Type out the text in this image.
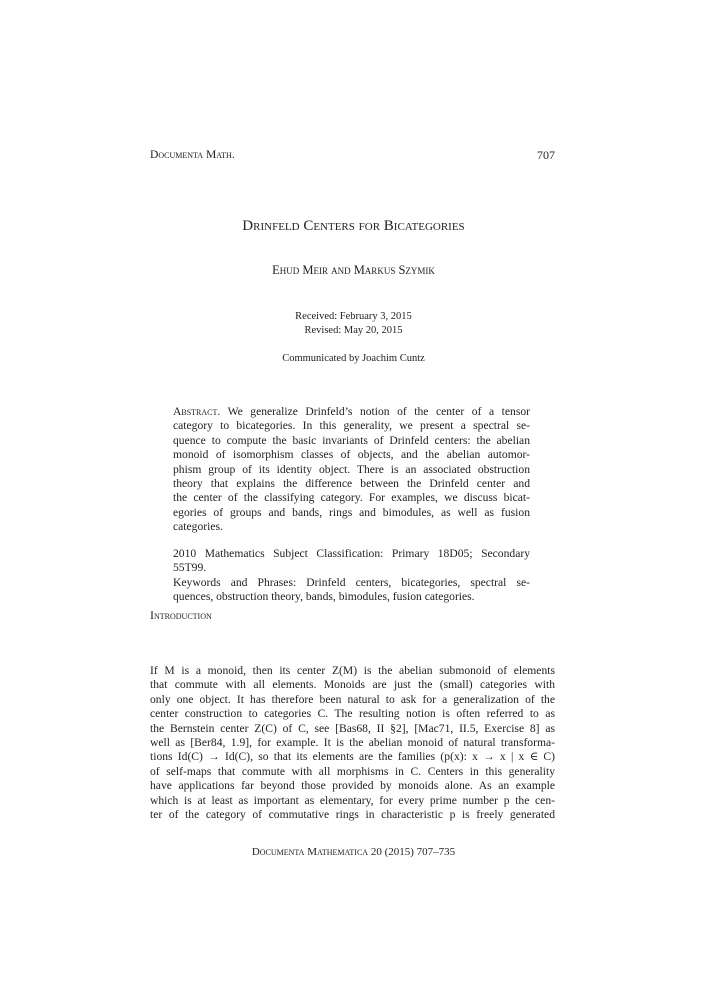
Documenta Math.	707
Drinfeld Centers for Bicategories
Ehud Meir and Markus Szymik
Received: February 3, 2015
Revised: May 20, 2015
Communicated by Joachim Cuntz
Abstract. We generalize Drinfeld’s notion of the center of a tensor
category to bicategories. In this generality, we present a spectral se-
quence to compute the basic invariants of Drinfeld centers: the abelian
monoid of isomorphism classes of objects, and the abelian automor-
phism group of its identity object. There is an associated obstruction
theory that explains the difference between the Drinfeld center and
the center of the classifying category. For examples, we discuss bicat-
egories of groups and bands, rings and bimodules, as well as fusion
categories.
2010 Mathematics Subject Classification: Primary 18D05; Secondary
55T99.
Keywords and Phrases: Drinfeld centers, bicategories, spectral se-
quences, obstruction theory, bands, bimodules, fusion categories.
Introduction
If M is a monoid, then its center Z(M) is the abelian submonoid of elements
that commute with all elements. Monoids are just the (small) categories with
only one object. It has therefore been natural to ask for a generalization of the
center construction to categories C. The resulting notion is often referred to as
the Bernstein center Z(C) of C, see [Bas68, II §2], [Mac71, II.5, Exercise 8] as
well as [Ber84, 1.9], for example. It is the abelian monoid of natural transforma-
tions Id(C) → Id(C), so that its elements are the families (p(x): x → x | x ∈ C)
of self-maps that commute with all morphisms in C. Centers in this generality
have applications far beyond those provided by monoids alone. As an example
which is at least as important as elementary, for every prime number p the cen-
ter of the category of commutative rings in characteristic p is freely generated
Documenta Mathematica 20 (2015) 707–735
